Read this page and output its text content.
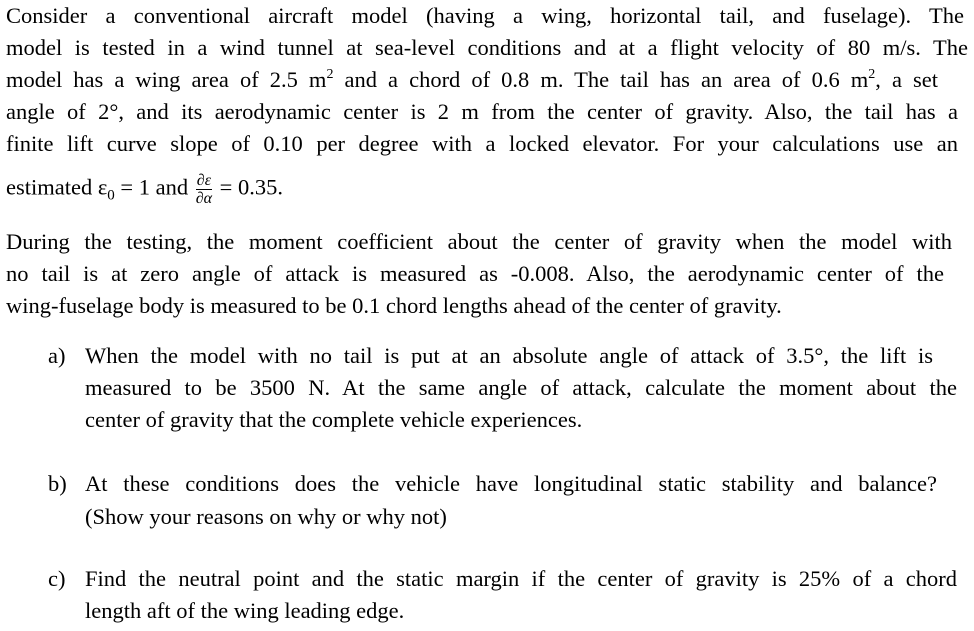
Consider a conventional aircraft model (having a wing, horizontal tail, and fuselage). The
model is tested in a wind tunnel at sea-level conditions and at a flight velocity of 80 m/s. The
model has a wing area of 2.5 $m^2$ and a chord of 0.8 m. The tail has an area of 0.6 $m^2$, a set
angle of 2°, and its aerodynamic center is 2 m from the center of gravity. Also, the tail has a
finite lift curve slope of 0.10 per degree with a locked elevator. For your calculations use an
estimated $\varepsilon_0 = 1$ and $\frac{\partial\varepsilon}{\partial\alpha} = 0.35$.
During the testing, the moment coefficient about the center of gravity when the model with
no tail is at zero angle of attack is measured as -0.008. Also, the aerodynamic center of the
wing-fuselage body is measured to be 0.1 chord lengths ahead of the center of gravity.
a) When the model with no tail is put at an absolute angle of attack of 3.5°, the lift is
measured to be 3500 N. At the same angle of attack, calculate the moment about the
center of gravity that the complete vehicle experiences.
b) At these conditions does the vehicle have longitudinal static stability and balance?
(Show your reasons on why or why not)
c) Find the neutral point and the static margin if the center of gravity is 25% of a chord
length aft of the wing leading edge.
